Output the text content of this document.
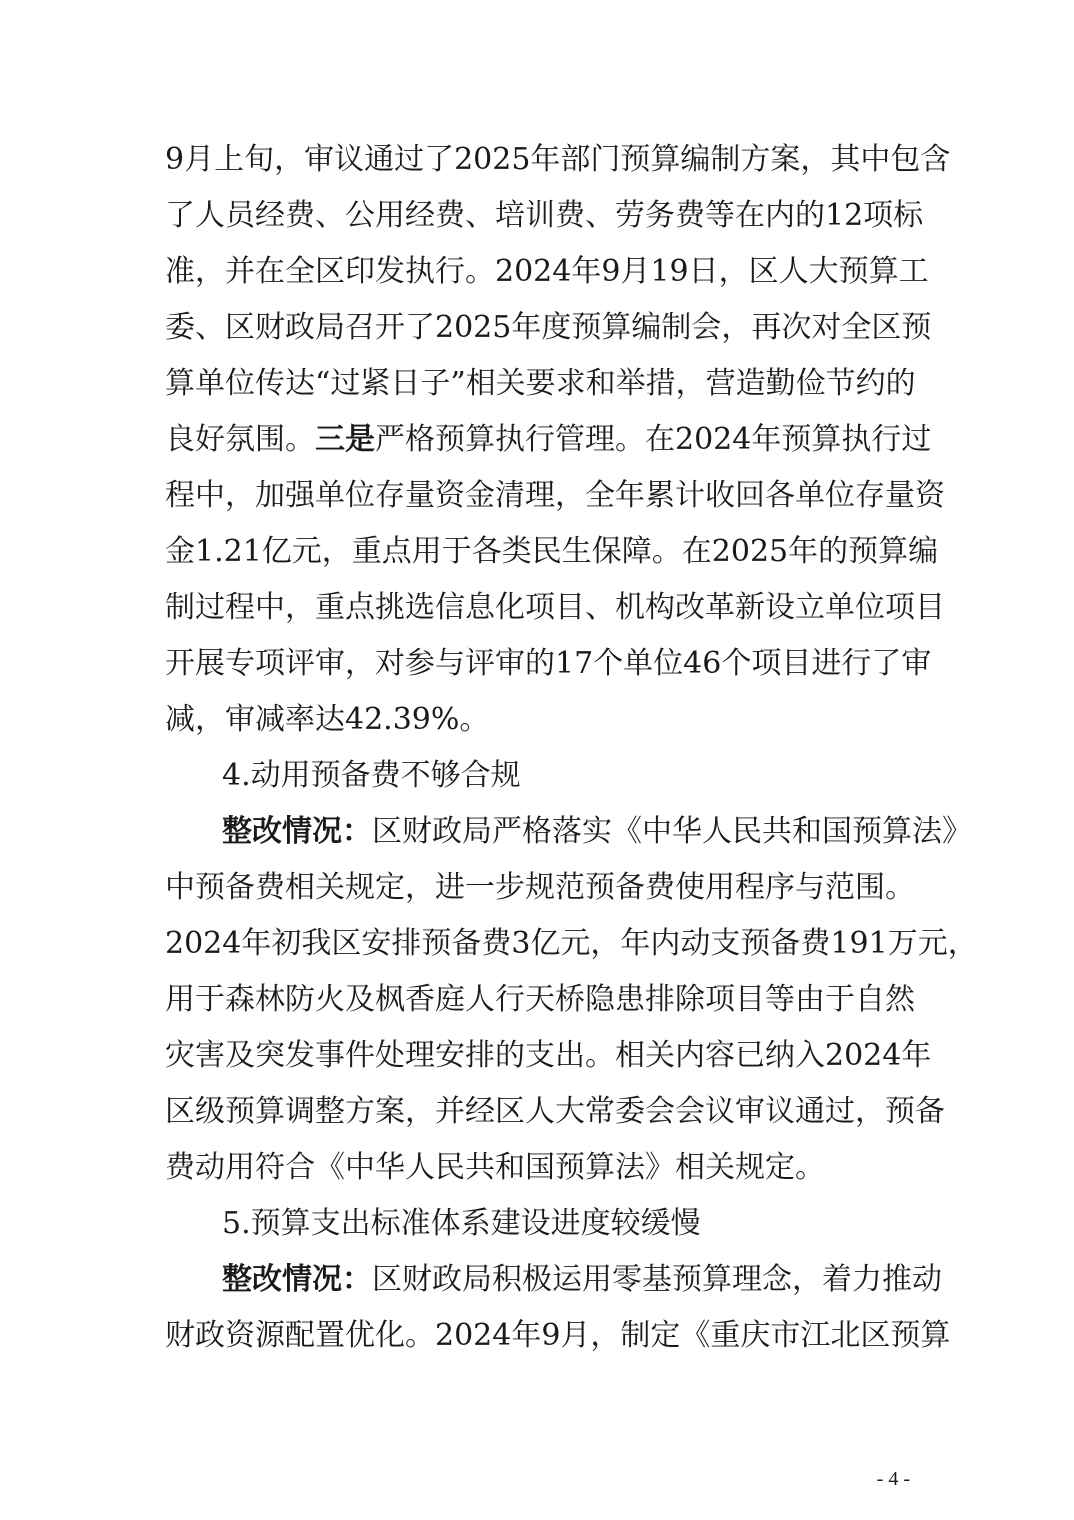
9月上旬，审议通过了2025年部门预算编制方案，其中包含
了人员经费、公用经费、培训费、劳务费等在内的12项标
准，并在全区印发执行。2024年9月19日，区人大预算工
委、区财政局召开了2025年度预算编制会，再次对全区预
算单位传达“过紧日子”相关要求和举措，营造勤俭节约的
良好氛围。三是严格预算执行管理。在2024年预算执行过
程中，加强单位存量资金清理，全年累计收回各单位存量资
金1.21亿元，重点用于各类民生保障。在2025年的预算编
制过程中，重点挑选信息化项目、机构改革新设立单位项目
开展专项评审，对参与评审的17个单位46个项目进行了审
减，审减率达42.39%。
4.动用预备费不够合规
整改情况：区财政局严格落实《中华人民共和国预算法》
中预备费相关规定，进一步规范预备费使用程序与范围。
2024年初我区安排预备费3亿元，年内动支预备费191万元，
用于森林防火及枫香庭人行天桥隐患排除项目等由于自然
灾害及突发事件处理安排的支出。相关内容已纳入2024年
区级预算调整方案，并经区人大常委会会议审议通过，预备
费动用符合《中华人民共和国预算法》相关规定。
5.预算支出标准体系建设进度较缓慢
整改情况：区财政局积极运用零基预算理念，着力推动
财政资源配置优化。2024年9月，制定《重庆市江北区预算
- 4 -
